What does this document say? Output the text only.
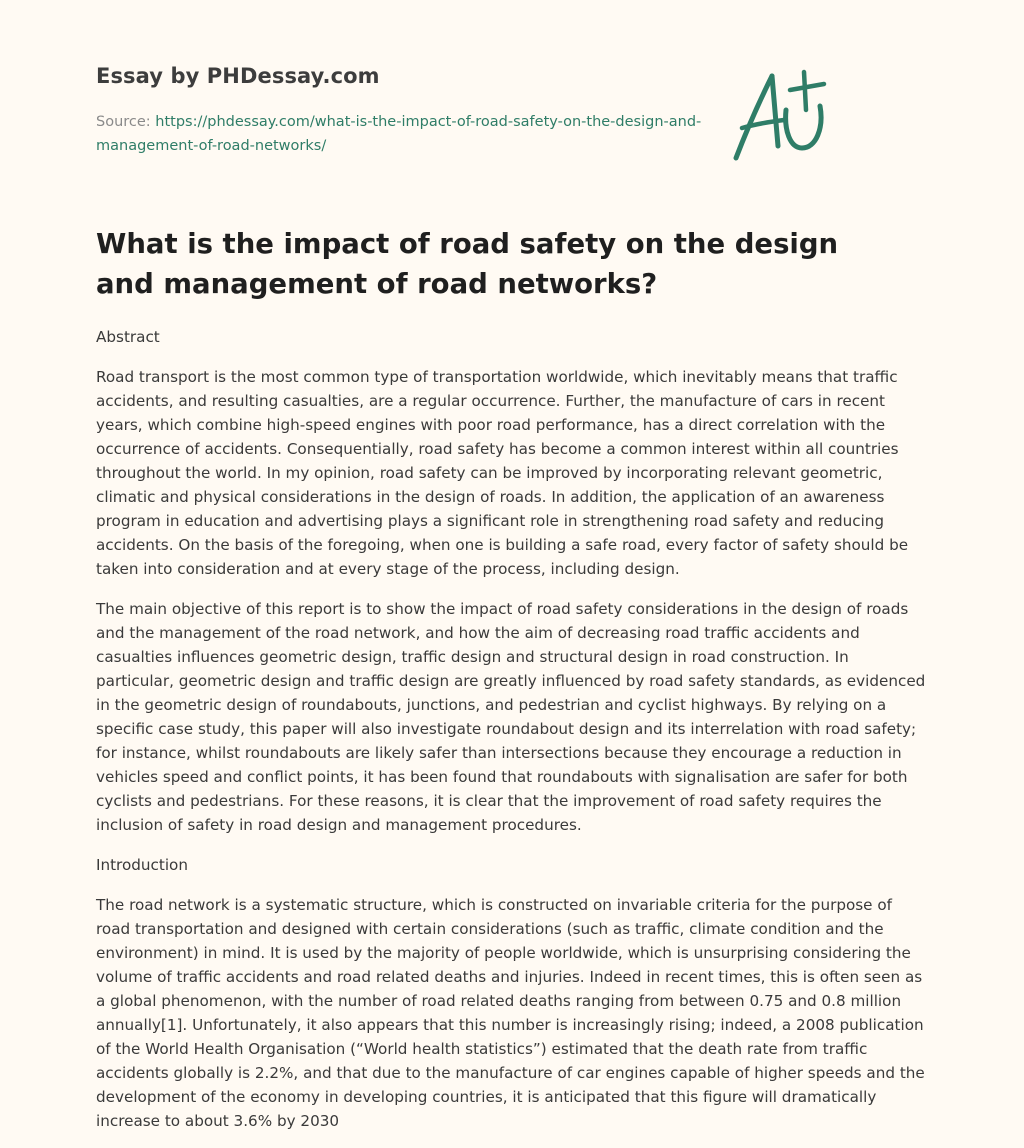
Essay by PHDessay.com
Source: https://phdessay.com/what-is-the-impact-of-road-safety-on-the-design-and-management-of-road-networks/
What is the impact of road safety on the design and management of road networks?

Abstract

Road transport is the most common type of transportation worldwide, which inevitably means that traffic accidents, and resulting casualties, are a regular occurrence. Further, the manufacture of cars in recent years, which combine high-speed engines with poor road performance, has a direct correlation with the occurrence of accidents. Consequentially, road safety has become a common interest within all countries throughout the world. In my opinion, road safety can be improved by incorporating relevant geometric, climatic and physical considerations in the design of roads. In addition, the application of an awareness program in education and advertising plays a significant role in strengthening road safety and reducing accidents. On the basis of the foregoing, when one is building a safe road, every factor of safety should be taken into consideration and at every stage of the process, including design.

The main objective of this report is to show the impact of road safety considerations in the design of roads and the management of the road network, and how the aim of decreasing road traffic accidents and casualties influences geometric design, traffic design and structural design in road construction. In particular, geometric design and traffic design are greatly influenced by road safety standards, as evidenced in the geometric design of roundabouts, junctions, and pedestrian and cyclist highways. By relying on a specific case study, this paper will also investigate roundabout design and its interrelation with road safety; for instance, whilst roundabouts are likely safer than intersections because they encourage a reduction in vehicles speed and conflict points, it has been found that roundabouts with signalisation are safer for both cyclists and pedestrians. For these reasons, it is clear that the improvement of road safety requires the inclusion of safety in road design and management procedures.

Introduction

The road network is a systematic structure, which is constructed on invariable criteria for the purpose of road transportation and designed with certain considerations (such as traffic, climate condition and the environment) in mind. It is used by the majority of people worldwide, which is unsurprising considering the volume of traffic accidents and road related deaths and injuries. Indeed in recent times, this is often seen as a global phenomenon, with the number of road related deaths ranging from between 0.75 and 0.8 million annually[1]. Unfortunately, it also appears that this number is increasingly rising; indeed, a 2008 publication of the World Health Organisation (“World health statistics”) estimated that the death rate from traffic accidents globally is 2.2%, and that due to the manufacture of car engines capable of higher speeds and the development of the economy in developing countries, it is anticipated that this figure will dramatically increase to about 3.6% by 2030
